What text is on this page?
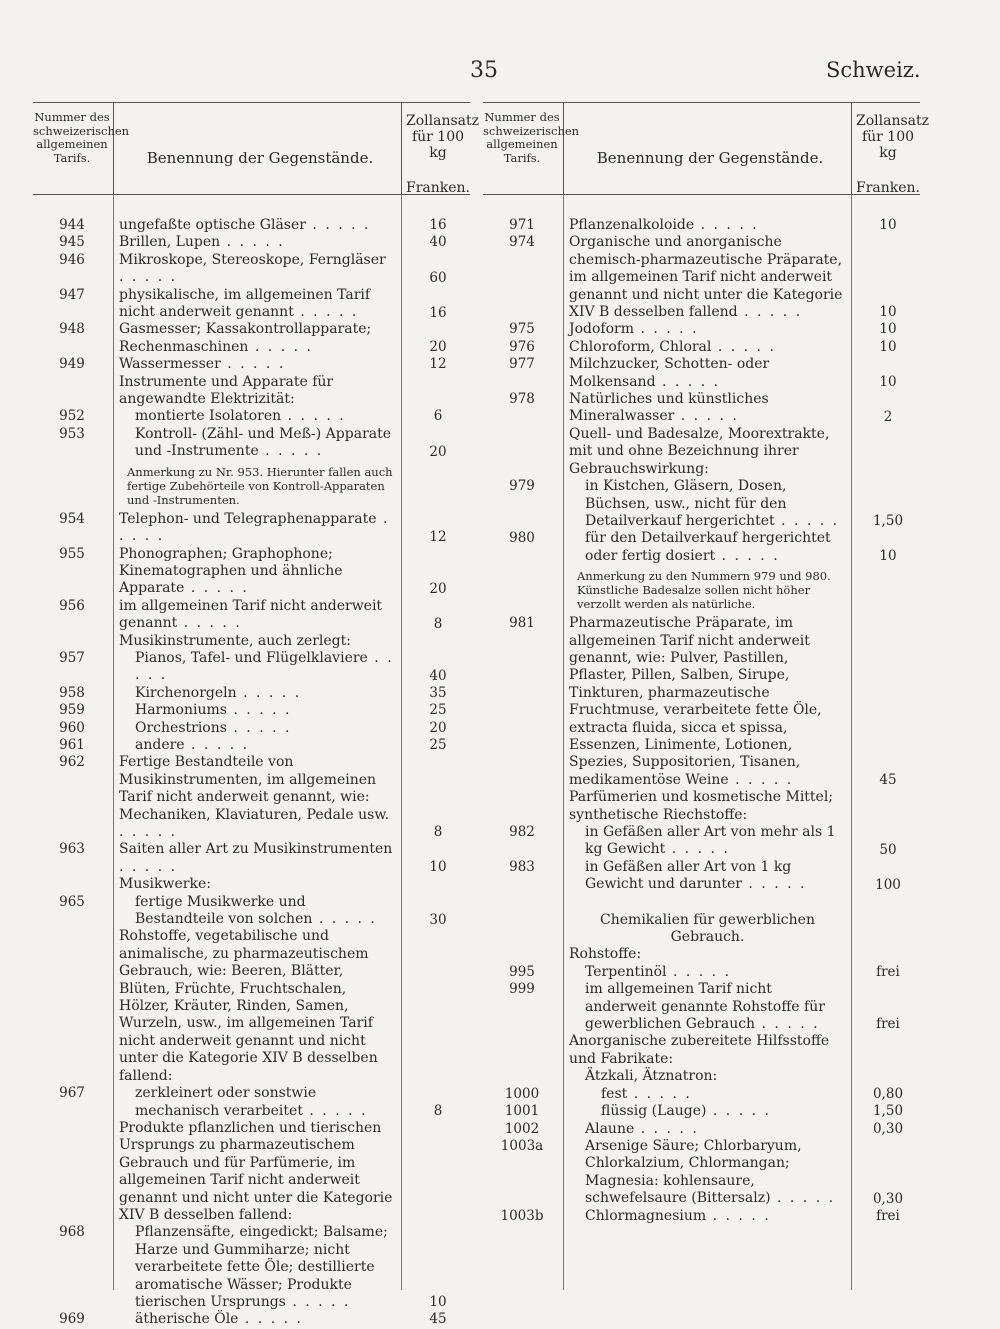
35	Schweiz.
Nummer des schweizerischen allgemeinen Tarifs.	Benennung der Gegenstände.
Zollansatz für 100 kg
Franken.
944	ungefaßte optische Gläser . . . . .	16
945	Brillen, Lupen . . . . .	40
946	Mikroskope, Stereoskope, Ferngläser . . . . .	60
947	physikalische, im allgemeinen Tarif nicht anderweit genannt . . . . .	16
948	Gasmesser; Kassakontrollapparate; Rechenmaschinen . . . . .	20
949	Wassermesser . . . . .	12
Instrumente und Apparate für angewandte Elektrizität:
952	montierte Isolatoren . . . . .	6
953	Kontroll- (Zähl- und Meß-) Apparate und -Instrumente . . . . .	20
Anmerkung zu Nr. 953. Hierunter fallen auch fertige Zubehörteile von Kontroll-Apparaten und -Instrumenten.
954	Telephon- und Telegraphenapparate . . . . .	12
955	Phonographen; Graphophone; Kinematographen und ähnliche Apparate . . . . .	20
956	im allgemeinen Tarif nicht anderweit genannt . . . . .	8
Musikinstrumente, auch zerlegt:
957	Pianos, Tafel- und Flügelklaviere . . . . .	40
958	Kirchenorgeln . . . . .	35
959	Harmoniums . . . . .	25
960	Orchestrions . . . . .	20
961	andere . . . . .	25
962	Fertige Bestandteile von Musikinstrumenten, im allgemeinen Tarif nicht anderweit genannt, wie: Mechaniken, Klaviaturen, Pedale usw. . . . . .	8
963	Saiten aller Art zu Musikinstrumenten . . . . .	10
Musikwerke:
965	fertige Musikwerke und Bestandteile von solchen . . . . .	30
Rohstoffe, vegetabilische und animalische, zu pharmazeutischem Gebrauch, wie: Beeren, Blätter, Blüten, Früchte, Fruchtschalen, Hölzer, Kräuter, Rinden, Samen, Wurzeln, usw., im allgemeinen Tarif nicht anderweit genannt und nicht unter die Kategorie XIV B desselben fallend:
967	zerkleinert oder sonstwie mechanisch verarbeitet . . . . .	8
Produkte pflanzlichen und tierischen Ursprungs zu pharmazeutischem Gebrauch und für Parfümerie, im allgemeinen Tarif nicht anderweit genannt und nicht unter die Kategorie XIV B desselben fallend:
968	Pflanzensäfte, eingedickt; Balsame; Harze und Gummiharze; nicht verarbeitete fette Öle; destillierte aromatische Wässer; Produkte tierischen Ursprungs . . . . .	10
969	ätherische Öle . . . . .	45
Nummer des schweizerischen allgemeinen Tarifs.	Benennung der Gegenstände.
Zollansatz für 100 kg
Franken.
971	Pflanzenalkoloide . . . . .	10
974	Organische und anorganische chemisch-pharmazeutische Präparate, im allgemeinen Tarif nicht anderweit genannt und nicht unter die Kategorie XIV B desselben fallend . . . . .	10
975	Jodoform . . . . .	10
976	Chloroform, Chloral . . . . .	10
977	Milchzucker, Schotten- oder Molkensand . . . . .	10
978	Natürliches und künstliches Mineralwasser . . . . .	2
Quell- und Badesalze, Moorextrakte, mit und ohne Bezeichnung ihrer Gebrauchswirkung:
979	in Kistchen, Gläsern, Dosen, Büchsen, usw., nicht für den Detailverkauf hergerichtet . . . . .	1,50
980	für den Detailverkauf hergerichtet oder fertig dosiert . . . . .	10
Anmerkung zu den Nummern 979 und 980. Künstliche Badesalze sollen nicht höher verzollt werden als natürliche.
981	Pharmazeutische Präparate, im allgemeinen Tarif nicht anderweit genannt, wie: Pulver, Pastillen, Pflaster, Pillen, Salben, Sirupe, Tinkturen, pharmazeutische Fruchtmuse, verarbeitete fette Öle, extracta fluida, sicca et spissa, Essenzen, Linimente, Lotionen, Spezies, Suppositorien, Tisanen, medikamentöse Weine . . . . .	45
Parfümerien und kosmetische Mittel; synthetische Riechstoffe:
982	in Gefäßen aller Art von mehr als 1 kg Gewicht . . . . .	50
983	in Gefäßen aller Art von 1 kg Gewicht und darunter . . . . .	100
Chemikalien für gewerblichen Gebrauch.
Rohstoffe:
995	Terpentinöl . . . . .	frei
999	im allgemeinen Tarif nicht anderweit genannte Rohstoffe für gewerblichen Gebrauch . . . . .	frei
Anorganische zubereitete Hilfsstoffe und Fabrikate:
Ätzkali, Ätznatron:
1000	fest . . . . .	0,80
1001	flüssig (Lauge) . . . . .	1,50
1002	Alaune . . . . .	0,30
1003a	Arsenige Säure; Chlorbaryum, Chlorkalzium, Chlormangan; Magnesia: kohlensaure, schwefelsaure (Bittersalz) . . . . .	0,30
1003b	Chlormagnesium . . . . .	frei
